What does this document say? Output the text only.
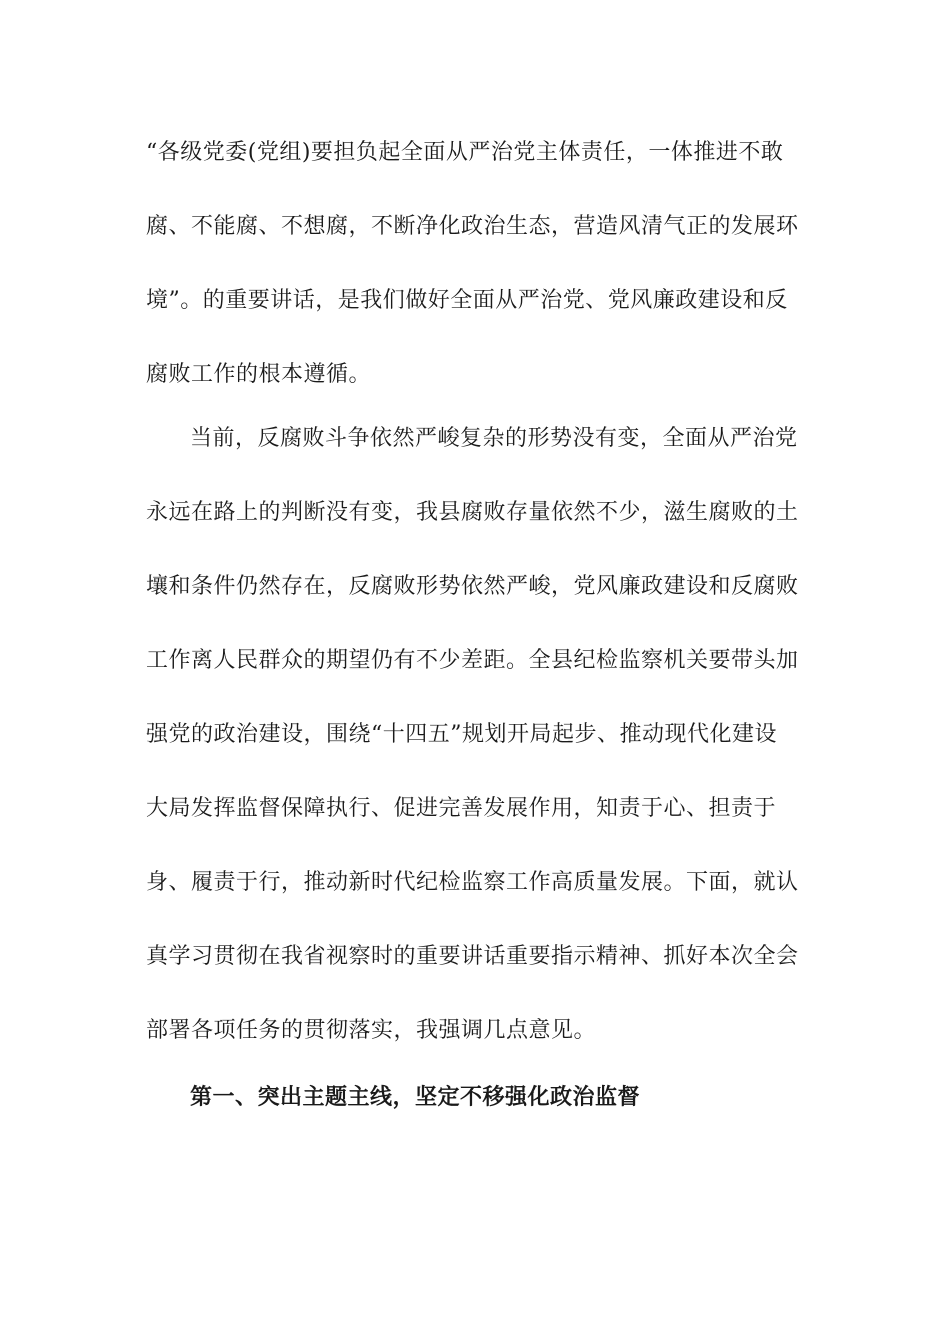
“各级党委(党组)要担负起全面从严治党主体责任，一体推进不敢
腐、不能腐、不想腐，不断净化政治生态，营造风清气正的发展环
境”。的重要讲话，是我们做好全面从严治党、党风廉政建设和反
腐败工作的根本遵循。
当前，反腐败斗争依然严峻复杂的形势没有变，全面从严治党
永远在路上的判断没有变，我县腐败存量依然不少，滋生腐败的土
壤和条件仍然存在，反腐败形势依然严峻，党风廉政建设和反腐败
工作离人民群众的期望仍有不少差距。全县纪检监察机关要带头加
强党的政治建设，围绕“十四五”规划开局起步、推动现代化建设
大局发挥监督保障执行、促进完善发展作用，知责于心、担责于
身、履责于行，推动新时代纪检监察工作高质量发展。下面，就认
真学习贯彻在我省视察时的重要讲话重要指示精神、抓好本次全会
部署各项任务的贯彻落实，我强调几点意见。
第一、突出主题主线，坚定不移强化政治监督
